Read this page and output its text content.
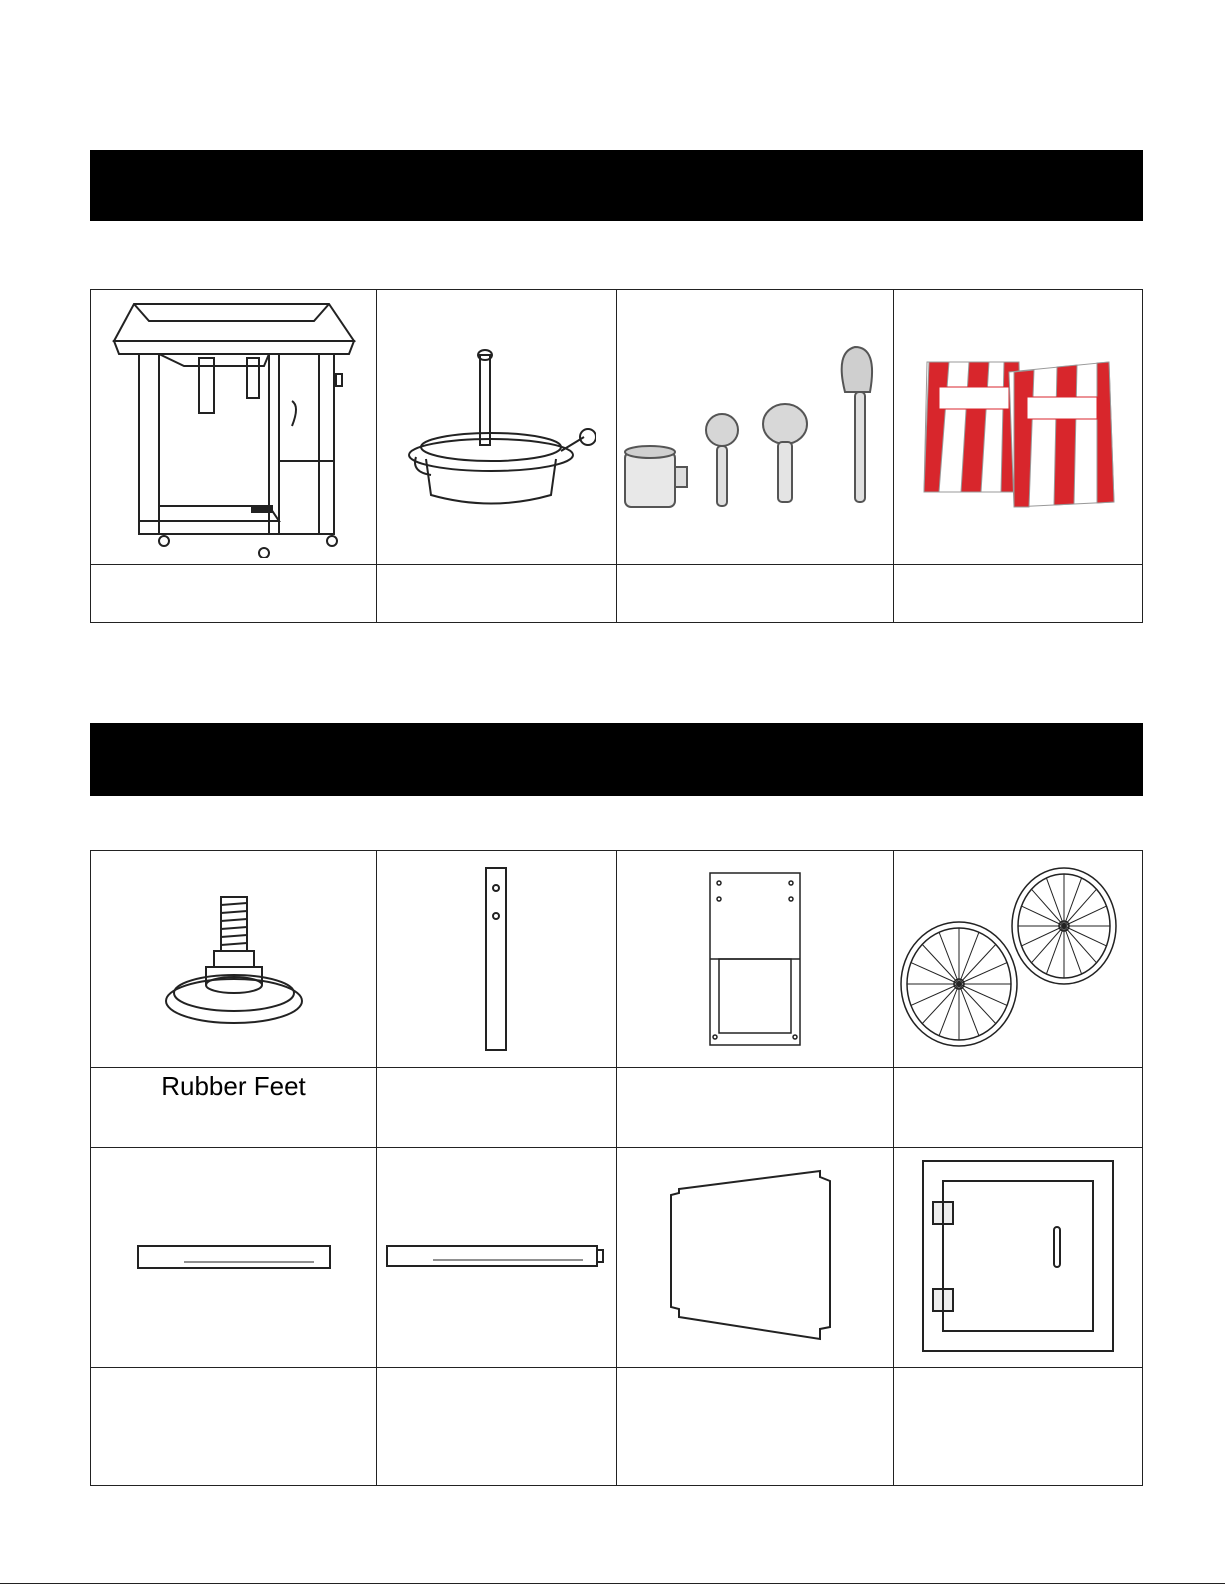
Rubber Feet
